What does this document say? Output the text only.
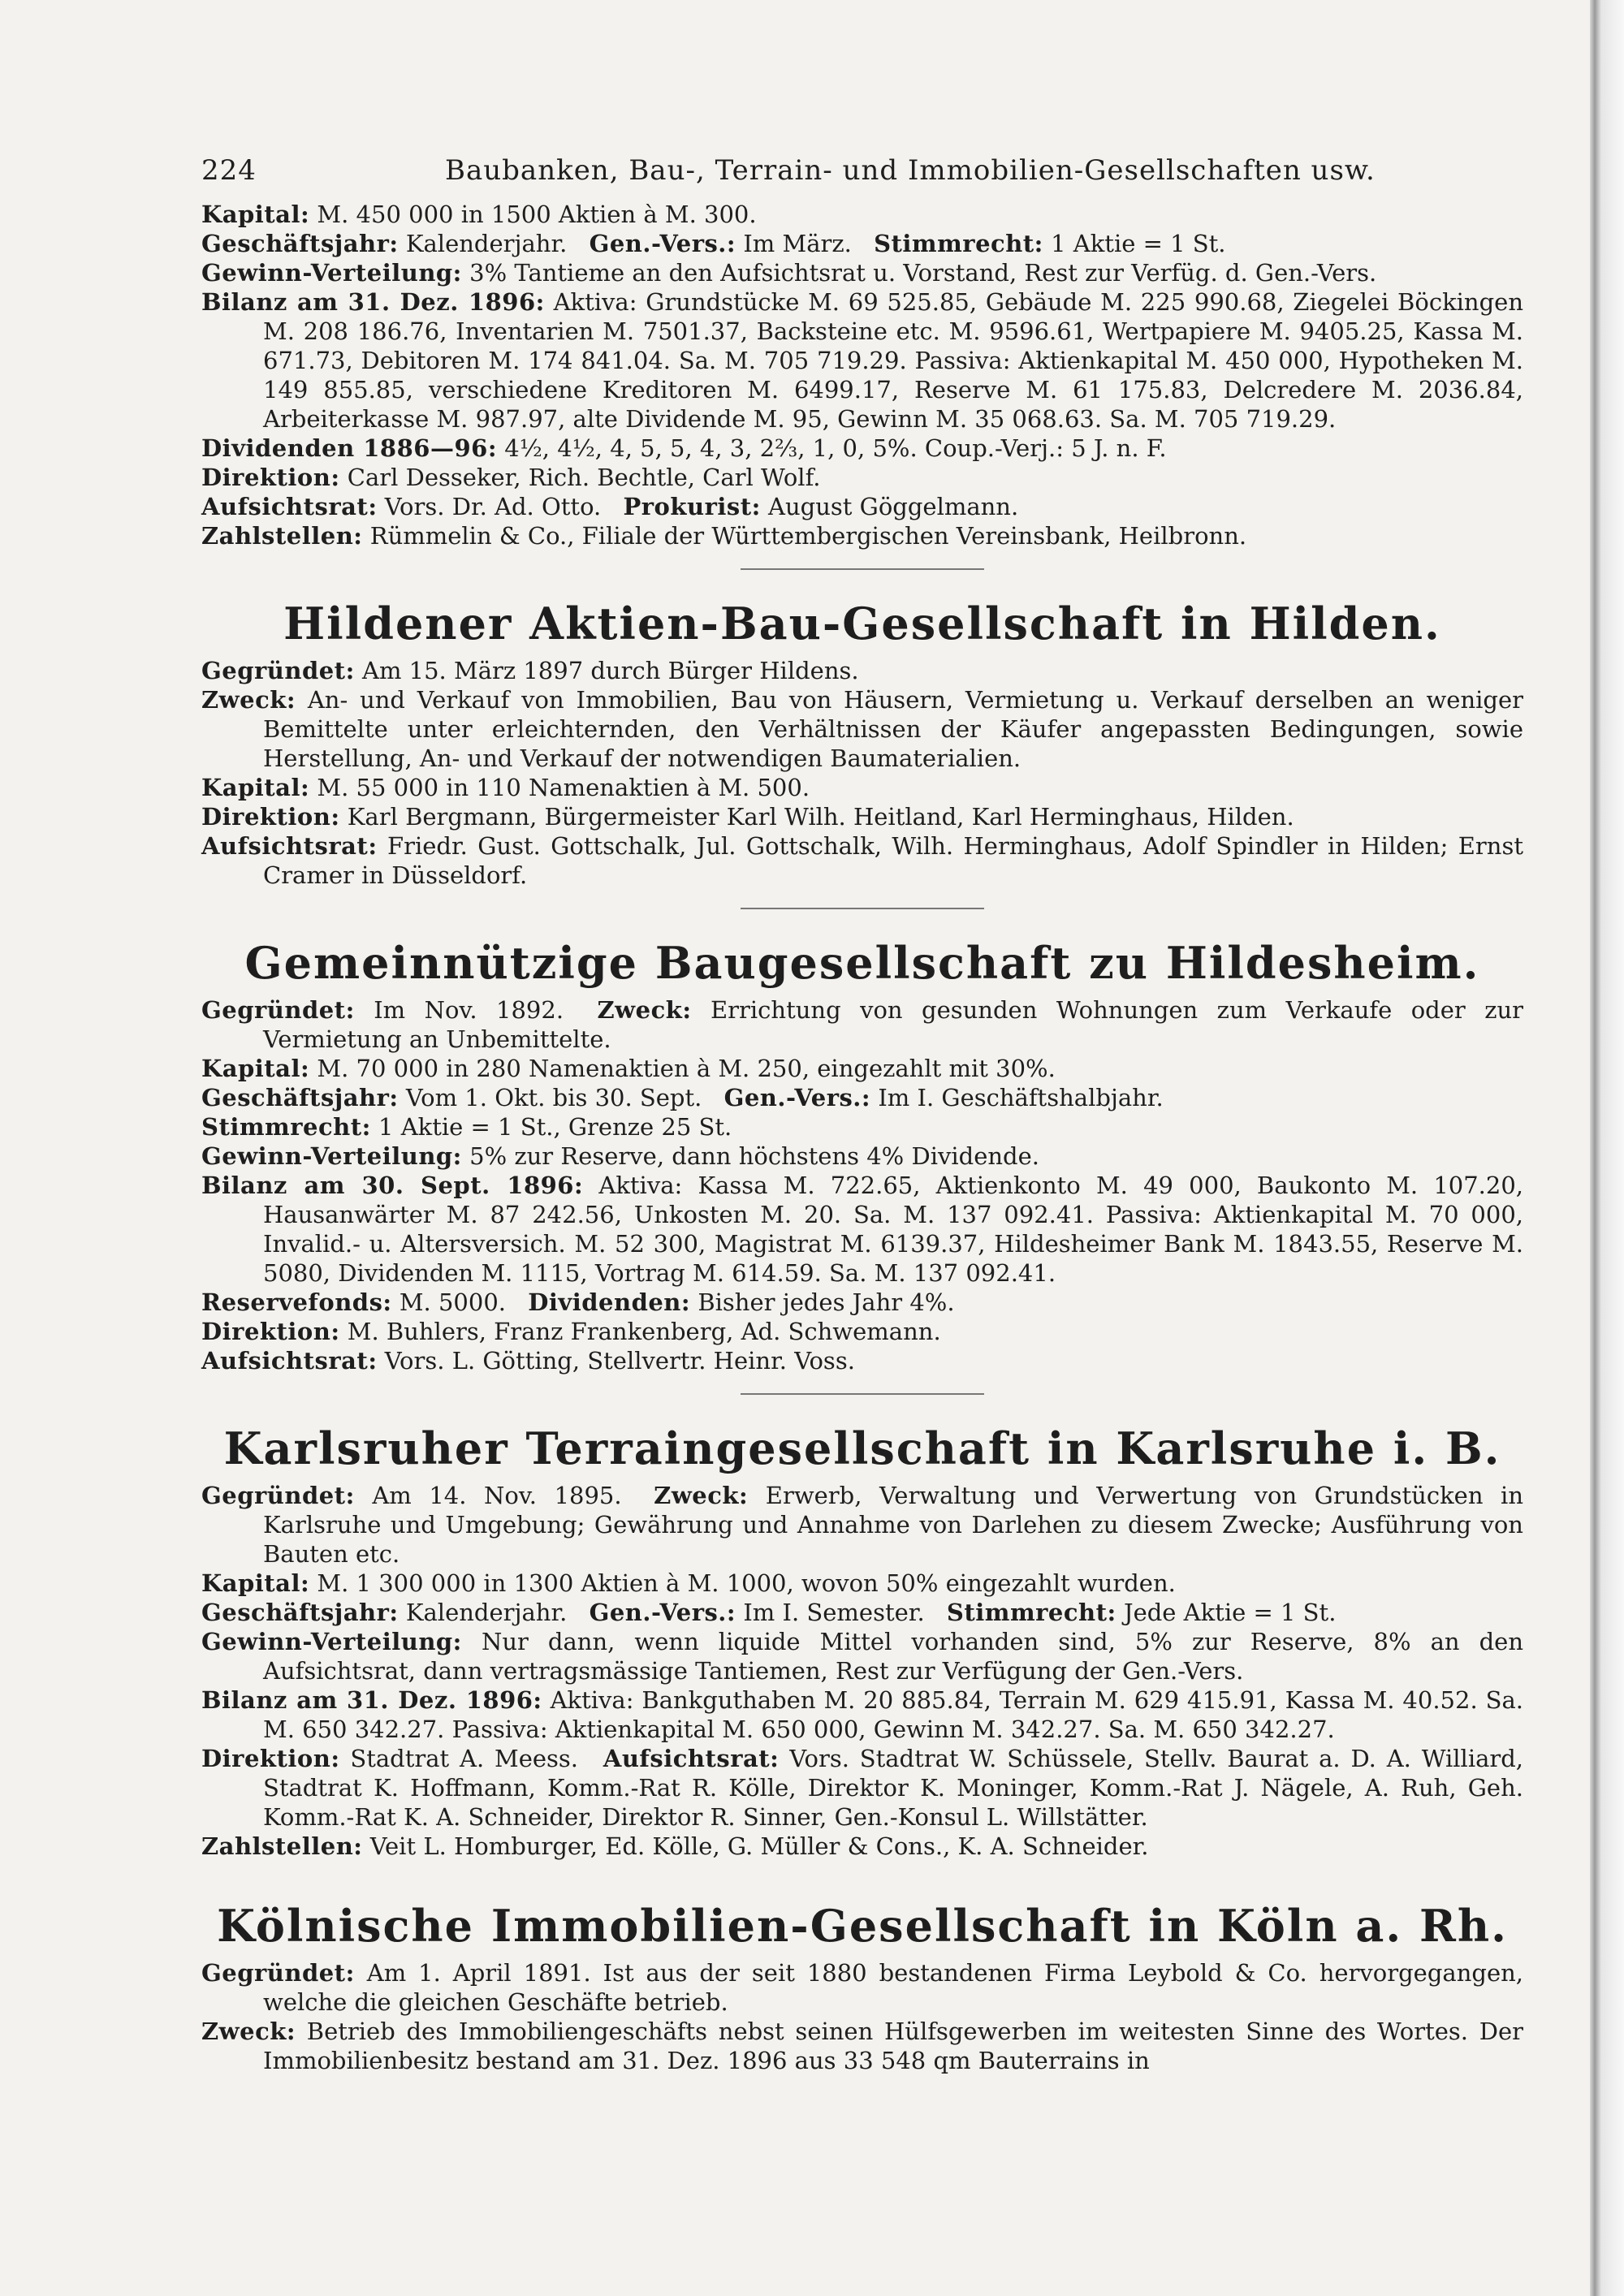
224	Baubanken, Bau-, Terrain- und Immobilien-Gesellschaften usw.
Kapital: M. 450 000 in 1500 Aktien à M. 300.
Geschäftsjahr: Kalenderjahr. Gen.-Vers.: Im März. Stimmrecht: 1 Aktie = 1 St.
Gewinn-Verteilung: 3% Tantieme an den Aufsichtsrat u. Vorstand, Rest zur Verfüg. d. Gen.-Vers.
Bilanz am 31. Dez. 1896: Aktiva: Grundstücke M. 69 525.85, Gebäude M. 225 990.68, Ziegelei Böckingen M. 208 186.76, Inventarien M. 7501.37, Backsteine etc. M. 9596.61, Wertpapiere M. 9405.25, Kassa M. 671.73, Debitoren M. 174 841.04. Sa. M. 705 719.29. Passiva: Aktienkapital M. 450 000, Hypotheken M. 149 855.85, verschiedene Kreditoren M. 6499.17, Reserve M. 61 175.83, Delcredere M. 2036.84, Arbeiterkasse M. 987.97, alte Dividende M. 95, Gewinn M. 35 068.63. Sa. M. 705 719.29.
Dividenden 1886—96: 4½, 4½, 4, 5, 5, 4, 3, 2⅔, 1, 0, 5%. Coup.-Verj.: 5 J. n. F.
Direktion: Carl Desseker, Rich. Bechtle, Carl Wolf.
Aufsichtsrat: Vors. Dr. Ad. Otto. Prokurist: August Göggelmann.
Zahlstellen: Rümmelin & Co., Filiale der Württembergischen Vereinsbank, Heilbronn.
Hildener Aktien-Bau-Gesellschaft in Hilden.
Gegründet: Am 15. März 1897 durch Bürger Hildens.
Zweck: An- und Verkauf von Immobilien, Bau von Häusern, Vermietung u. Verkauf derselben an weniger Bemittelte unter erleichternden, den Verhältnissen der Käufer angepassten Bedingungen, sowie Herstellung, An- und Verkauf der notwendigen Baumaterialien.
Kapital: M. 55 000 in 110 Namenaktien à M. 500.
Direktion: Karl Bergmann, Bürgermeister Karl Wilh. Heitland, Karl Herminghaus, Hilden.
Aufsichtsrat: Friedr. Gust. Gottschalk, Jul. Gottschalk, Wilh. Herminghaus, Adolf Spindler in Hilden; Ernst Cramer in Düsseldorf.
Gemeinnützige Baugesellschaft zu Hildesheim.
Gegründet: Im Nov. 1892. Zweck: Errichtung von gesunden Wohnungen zum Verkaufe oder zur Vermietung an Unbemittelte.
Kapital: M. 70 000 in 280 Namenaktien à M. 250, eingezahlt mit 30%.
Geschäftsjahr: Vom 1. Okt. bis 30. Sept. Gen.-Vers.: Im I. Geschäftshalbjahr.
Stimmrecht: 1 Aktie = 1 St., Grenze 25 St.
Gewinn-Verteilung: 5% zur Reserve, dann höchstens 4% Dividende.
Bilanz am 30. Sept. 1896: Aktiva: Kassa M. 722.65, Aktienkonto M. 49 000, Baukonto M. 107.20, Hausanwärter M. 87 242.56, Unkosten M. 20. Sa. M. 137 092.41. Passiva: Aktienkapital M. 70 000, Invalid.- u. Altersversich. M. 52 300, Magistrat M. 6139.37, Hildesheimer Bank M. 1843.55, Reserve M. 5080, Dividenden M. 1115, Vortrag M. 614.59. Sa. M. 137 092.41.
Reservefonds: M. 5000. Dividenden: Bisher jedes Jahr 4%.
Direktion: M. Buhlers, Franz Frankenberg, Ad. Schwemann.
Aufsichtsrat: Vors. L. Götting, Stellvertr. Heinr. Voss.
Karlsruher Terraingesellschaft in Karlsruhe i. B.
Gegründet: Am 14. Nov. 1895. Zweck: Erwerb, Verwaltung und Verwertung von Grundstücken in Karlsruhe und Umgebung; Gewährung und Annahme von Darlehen zu diesem Zwecke; Ausführung von Bauten etc.
Kapital: M. 1 300 000 in 1300 Aktien à M. 1000, wovon 50% eingezahlt wurden.
Geschäftsjahr: Kalenderjahr. Gen.-Vers.: Im I. Semester. Stimmrecht: Jede Aktie = 1 St.
Gewinn-Verteilung: Nur dann, wenn liquide Mittel vorhanden sind, 5% zur Reserve, 8% an den Aufsichtsrat, dann vertragsmässige Tantiemen, Rest zur Verfügung der Gen.-Vers.
Bilanz am 31. Dez. 1896: Aktiva: Bankguthaben M. 20 885.84, Terrain M. 629 415.91, Kassa M. 40.52. Sa. M. 650 342.27. Passiva: Aktienkapital M. 650 000, Gewinn M. 342.27. Sa. M. 650 342.27.
Direktion: Stadtrat A. Meess. Aufsichtsrat: Vors. Stadtrat W. Schüssele, Stellv. Baurat a. D. A. Williard, Stadtrat K. Hoffmann, Komm.-Rat R. Kölle, Direktor K. Moninger, Komm.-Rat J. Nägele, A. Ruh, Geh. Komm.-Rat K. A. Schneider, Direktor R. Sinner, Gen.-Konsul L. Willstätter.
Zahlstellen: Veit L. Homburger, Ed. Kölle, G. Müller & Cons., K. A. Schneider.
Kölnische Immobilien-Gesellschaft in Köln a. Rh.
Gegründet: Am 1. April 1891. Ist aus der seit 1880 bestandenen Firma Leybold & Co. hervorgegangen, welche die gleichen Geschäfte betrieb.
Zweck: Betrieb des Immobiliengeschäfts nebst seinen Hülfsgewerben im weitesten Sinne des Wortes. Der Immobilienbesitz bestand am 31. Dez. 1896 aus 33 548 qm Bauterrains in
